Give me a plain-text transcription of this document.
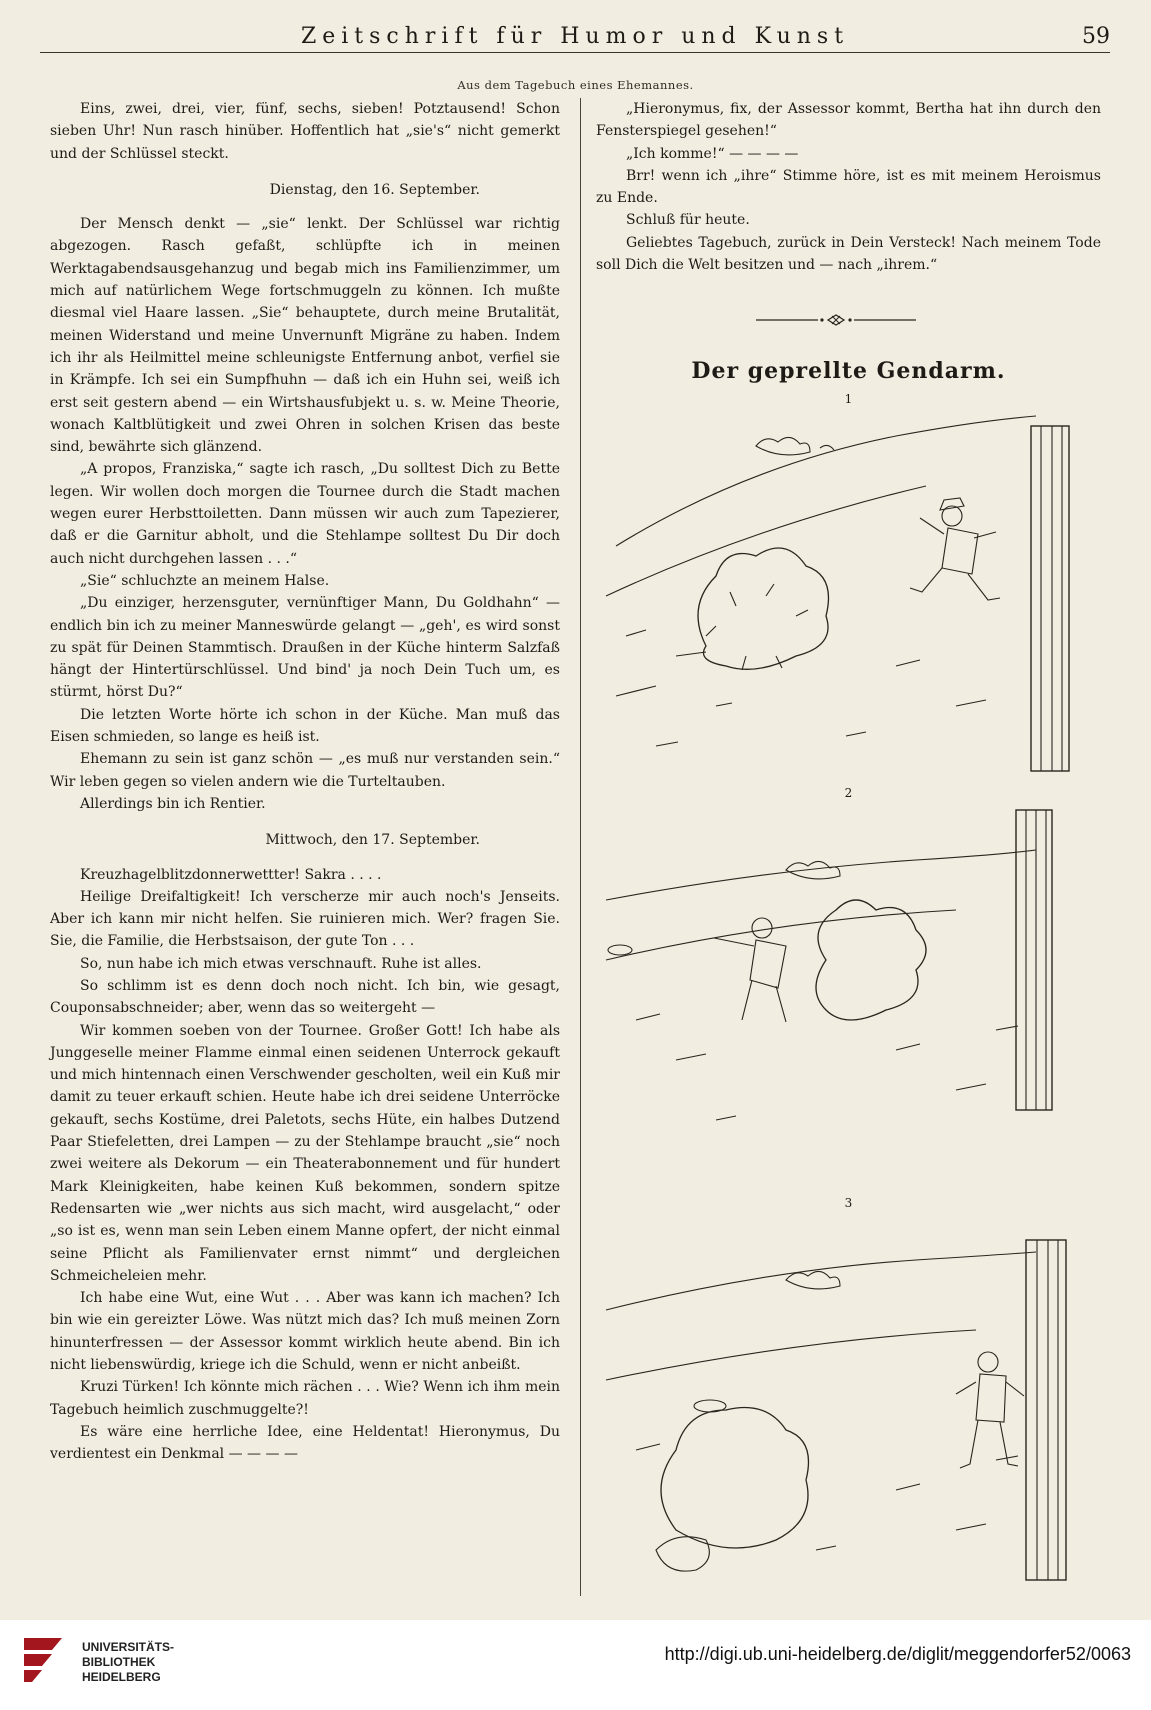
Zeitschrift für Humor und Kunst	59
Aus dem Tagebuch eines Ehemannes.

Eins, zwei, drei, vier, fünf, sechs, sieben! Potztausend! Schon sieben Uhr! Nun rasch hinüber. Hoffentlich hat „sie's“ nicht gemerkt und der Schlüssel steckt.

Dienstag, den 16. September.

Der Mensch denkt — „sie“ lenkt. Der Schlüssel war richtig abgezogen. Rasch gefaßt, schlüpfte ich in meinen Werktagabendsausgehanzug und begab mich ins Familienzimmer, um mich auf natürlichem Wege fortschmuggeln zu können. Ich mußte diesmal viel Haare lassen. „Sie“ behauptete, durch meine Brutalität, meinen Widerstand und meine Unvernunft Migräne zu haben. Indem ich ihr als Heilmittel meine schleunigste Entfernung anbot, verfiel sie in Krämpfe. Ich sei ein Sumpfhuhn — daß ich ein Huhn sei, weiß ich erst seit gestern abend — ein Wirtshausfubjekt u. s. w. Meine Theorie, wonach Kaltblütigkeit und zwei Ohren in solchen Krisen das beste sind, bewährte sich glänzend.

„A propos, Franziska,“ sagte ich rasch, „Du solltest Dich zu Bette legen. Wir wollen doch morgen die Tournee durch die Stadt machen wegen eurer Herbsttoiletten. Dann müssen wir auch zum Tapezierer, daß er die Garnitur abholt, und die Stehlampe solltest Du Dir doch auch nicht durchgehen lassen . . .“

„Sie“ schluchzte an meinem Halse.

„Du einziger, herzensguter, vernünftiger Mann, Du Goldhahn“ — endlich bin ich zu meiner Manneswürde gelangt — „geh', es wird sonst zu spät für Deinen Stammtisch. Draußen in der Küche hinterm Salzfaß hängt der Hintertürschlüssel. Und bind' ja noch Dein Tuch um, es stürmt, hörst Du?“

Die letzten Worte hörte ich schon in der Küche. Man muß das Eisen schmieden, so lange es heiß ist.

Ehemann zu sein ist ganz schön — „es muß nur verstanden sein.“ Wir leben gegen so vielen andern wie die Turteltauben.

Allerdings bin ich Rentier.

Mittwoch, den 17. September.

Kreuzhagelblitzdonnerwettter! Sakra . . . .

Heilige Dreifaltigkeit! Ich verscherze mir auch noch's Jenseits. Aber ich kann mir nicht helfen. Sie ruinieren mich. Wer? fragen Sie. Sie, die Familie, die Herbstsaison, der gute Ton . . .

So, nun habe ich mich etwas verschnauft. Ruhe ist alles.

So schlimm ist es denn doch noch nicht. Ich bin, wie gesagt, Couponsabschneider; aber, wenn das so weitergeht —

Wir kommen soeben von der Tournee. Großer Gott! Ich habe als Junggeselle meiner Flamme einmal einen seidenen Unterrock gekauft und mich hintennach einen Verschwender gescholten, weil ein Kuß mir damit zu teuer erkauft schien. Heute habe ich drei seidene Unterröcke gekauft, sechs Kostüme, drei Paletots, sechs Hüte, ein halbes Dutzend Paar Stiefeletten, drei Lampen — zu der Stehlampe braucht „sie“ noch zwei weitere als Dekorum — ein Theaterabonnement und für hundert Mark Kleinigkeiten, habe keinen Kuß bekommen, sondern spitze Redensarten wie „wer nichts aus sich macht, wird ausgelacht,“ oder „so ist es, wenn man sein Leben einem Manne opfert, der nicht einmal seine Pflicht als Familienvater ernst nimmt“ und dergleichen Schmeicheleien mehr.

Ich habe eine Wut, eine Wut . . . Aber was kann ich machen? Ich bin wie ein gereizter Löwe. Was nützt mich das? Ich muß meinen Zorn hinunterfressen — der Assessor kommt wirklich heute abend. Bin ich nicht liebenswürdig, kriege ich die Schuld, wenn er nicht anbeißt.

Kruzi Türken! Ich könnte mich rächen . . . Wie? Wenn ich ihm mein Tagebuch heimlich zuschmuggelte?!

Es wäre eine herrliche Idee, eine Heldentat! Hieronymus, Du verdientest ein Denkmal — — — —

„Hieronymus, fix, der Assessor kommt, Bertha hat ihn durch den Fensterspiegel gesehen!“

„Ich komme!“ — — — —

Brr! wenn ich „ihre“ Stimme höre, ist es mit meinem Heroismus zu Ende.

Schluß für heute.

Geliebtes Tagebuch, zurück in Dein Versteck! Nach meinem Tode soll Dich die Welt besitzen und — nach „ihrem.“

Der geprellte Gendarm.
1
2
3
UNIVERSITÄTS-
BIBLIOTHEK
HEIDELBERG
http://digi.ub.uni-heidelberg.de/diglit/meggendorfer52/0063
